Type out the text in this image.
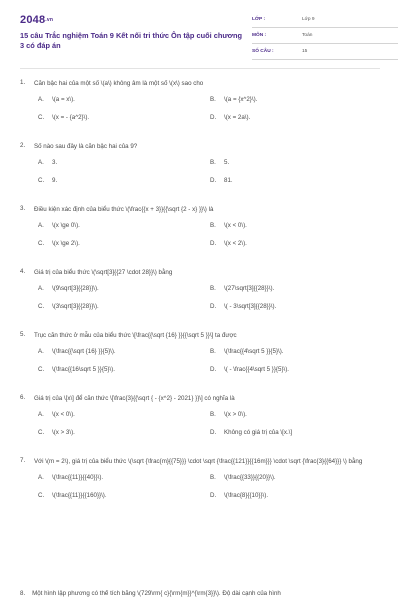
2048.vn
15 câu Trắc nghiệm Toán 9 Kết nối tri thức Ôn tập cuối chương 3 có đáp án
LỚP :	Lớp 9
MÔN :	Toán
SỐ CÂU :	15
1. Căn bậc hai của một số \(a\) không âm là một số \(x\) sao cho
A. \(a = x\).	B. \(a = {x^2}\).
C. \(x = - {a^2}\).	D. \(x = 2a\).
2. Số nào sau đây là căn bậc hai của 9?
A. 3.	B. 5.
C. 9.	D. 81.
3. Điều kiện xác định của biểu thức \(\frac{{x + 3}}{{\sqrt {2 - x} }}\) là
A. \(x \ge 0\).	B. \(x < 0\).
C. \(x \ge 2\).	D. \(x < 2\).
4. Giá trị của biểu thức \(\sqrt[3]{{27 \cdot 28}}\) bằng
A. \(9\sqrt[3]{{28}}\).	B. \(27\sqrt[3]{{28}}\).
C. \(3\sqrt[3]{{28}}\).	D. \( - 3\sqrt[3]{{28}}\).
5. Trục căn thức ở mẫu của biểu thức \[\frac{{\sqrt {16} }}{{\sqrt 5 }}\] ta được
A. \(\frac{{\sqrt {16} }}{5}\).	B. \(\frac{{4\sqrt 5 }}{5}\).
C. \(\frac{{16\sqrt 5 }}{5}\).	D. \( - \frac{{4\sqrt 5 }}{5}\).
6. Giá trị của \[x\] để căn thức \[\frac{3}{{\sqrt { - {x^2} - 2021} }}\] có nghĩa là
A. \(x < 0\).	B. \(x > 0\).
C. \(x > 3\).	D. Không có giá trị của \[x.\]
7. Với \(m = 2\), giá trị của biểu thức \(\sqrt {\frac{m}{{75}}} \cdot \sqrt {\frac{{121}}{{16m}}} \cdot \sqrt {\frac{3}{{64}}} \) bằng
A. \(\frac{{11}}{{40}}\).	B. \(\frac{{33}}{{20}}\).
C. \(\frac{{11}}{{160}}\).	D. \(\frac{8}{{10}}\).
8. Một hình lập phương có thể tích bằng \(729\rm{ c}{\rm{m}}^{\rm{3}}\). Độ dài cạnh của hình
